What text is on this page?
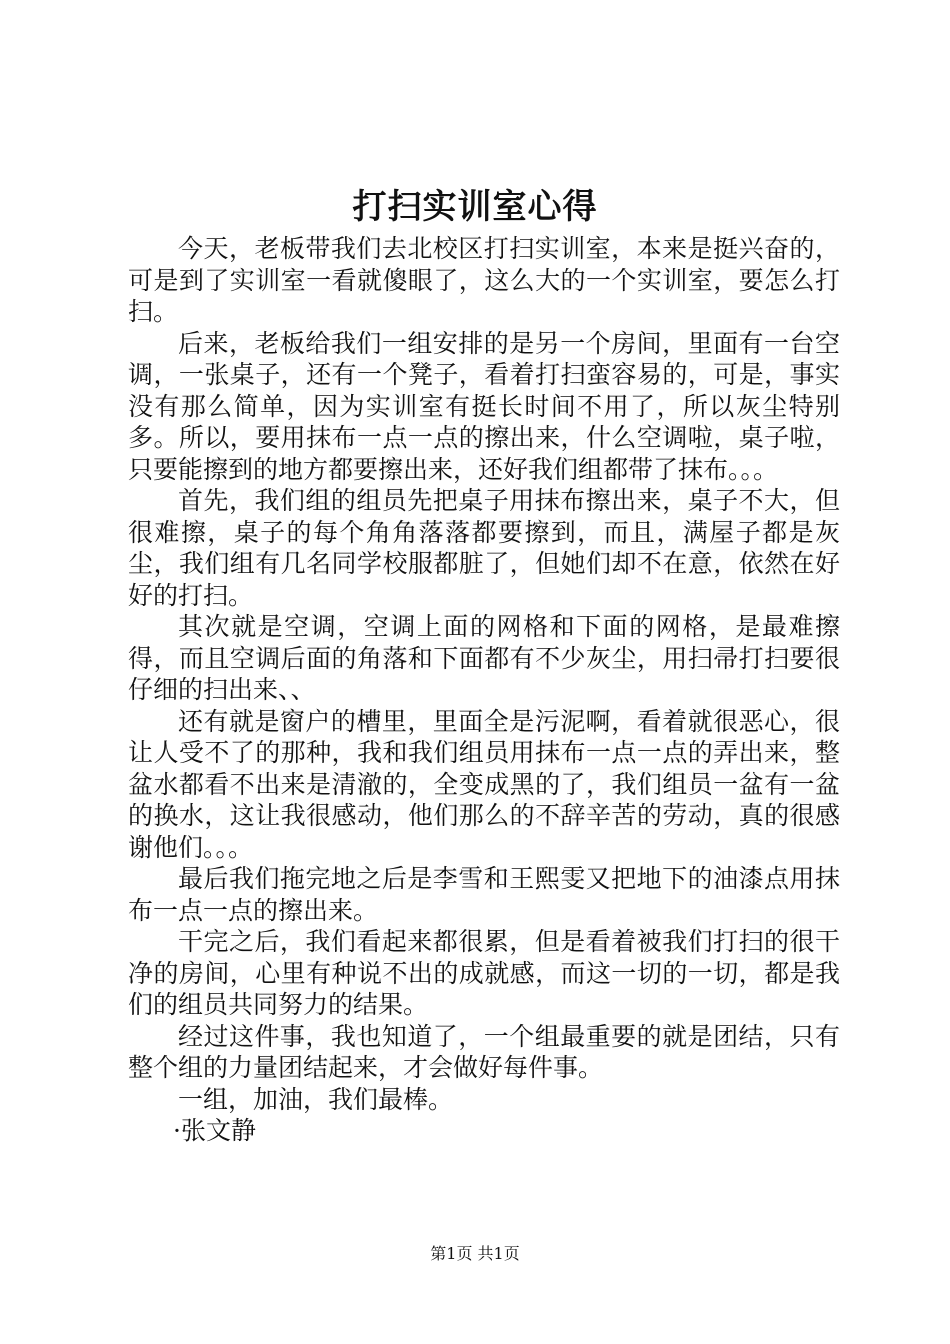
打扫实训室心得

今天，老板带我们去北校区打扫实训室，本来是挺兴奋的，可是到了实训室一看就傻眼了，这么大的一个实训室，要怎么打扫。

后来，老板给我们一组安排的是另一个房间，里面有一台空调，一张桌子，还有一个凳子，看着打扫蛮容易的，可是，事实没有那么简单，因为实训室有挺长时间不用了，所以灰尘特别多。所以，要用抹布一点一点的擦出来，什么空调啦，桌子啦，只要能擦到的地方都要擦出来，还好我们组都带了抹布。。。

首先，我们组的组员先把桌子用抹布擦出来，桌子不大，但很难擦，桌子的每个角角落落都要擦到，而且，满屋子都是灰尘，我们组有几名同学校服都脏了，但她们却不在意，依然在好好的打扫。

其次就是空调，空调上面的网格和下面的网格，是最难擦得，而且空调后面的角落和下面都有不少灰尘，用扫帚打扫要很仔细的扫出来、、

还有就是窗户的槽里，里面全是污泥啊，看着就很恶心，很让人受不了的那种，我和我们组员用抹布一点一点的弄出来，整盆水都看不出来是清澈的，全变成黑的了，我们组员一盆有一盆的换水，这让我很感动，他们那么的不辞辛苦的劳动，真的很感谢他们。。。

最后我们拖完地之后是李雪和王熙雯又把地下的油漆点用抹布一点一点的擦出来。

干完之后，我们看起来都很累，但是看着被我们打扫的很干净的房间，心里有种说不出的成就感，而这一切的一切，都是我们的组员共同努力的结果。

经过这件事，我也知道了，一个组最重要的就是团结，只有整个组的力量团结起来，才会做好每件事。

一组，加油，我们最棒。

·张文静

第1页 共1页
